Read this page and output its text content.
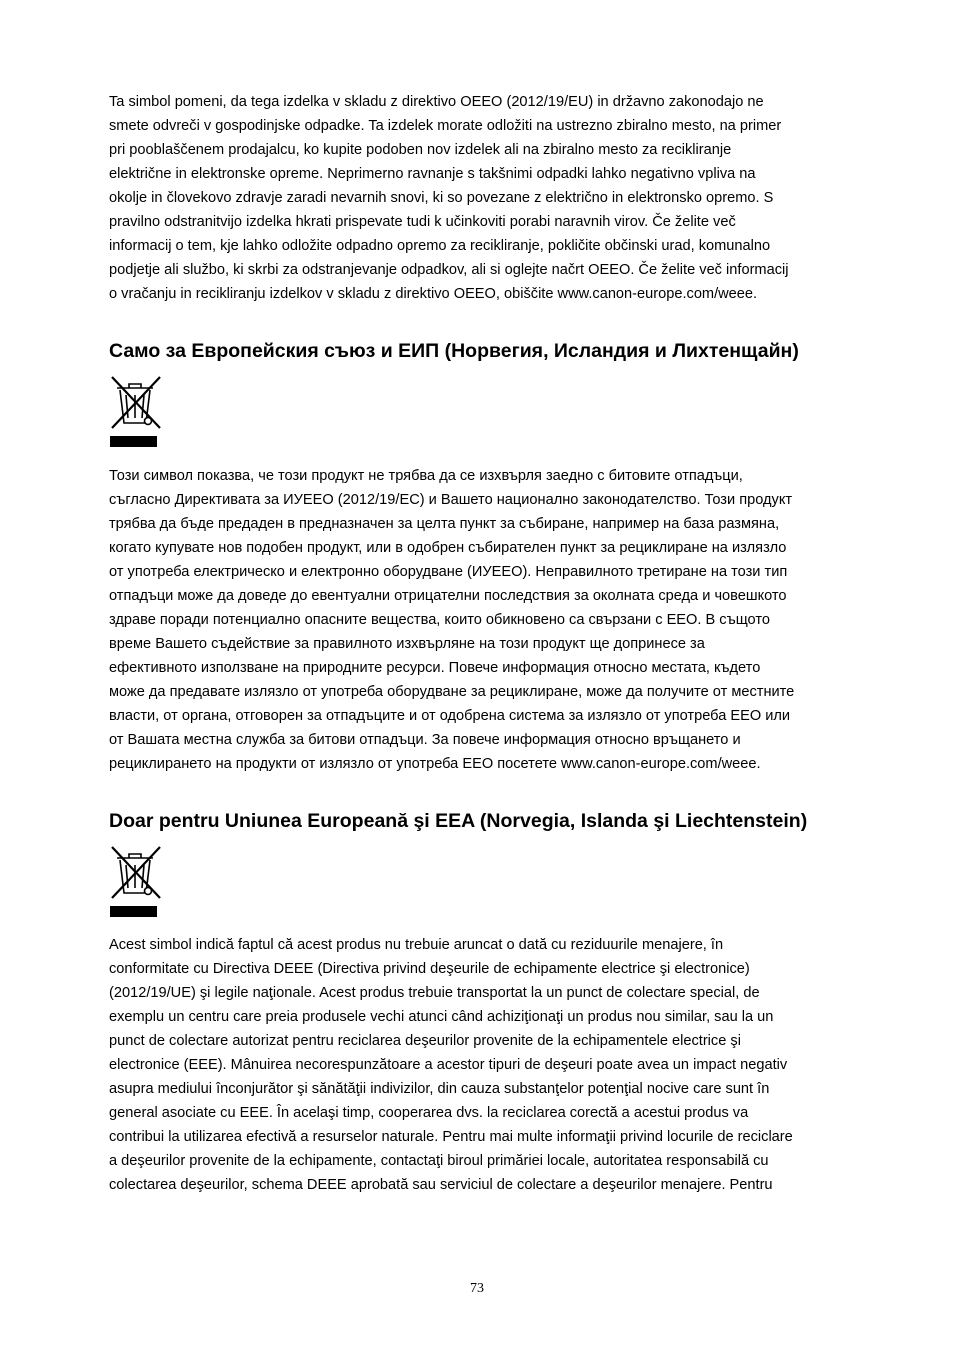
Ta simbol pomeni, da tega izdelka v skladu z direktivo OEEO (2012/19/EU) in državno zakonodajo ne
smete odvreči v gospodinjske odpadke. Ta izdelek morate odložiti na ustrezno zbiralno mesto, na primer
pri pooblaščenem prodajalcu, ko kupite podoben nov izdelek ali na zbiralno mesto za recikliranje
električne in elektronske opreme. Neprimerno ravnanje s takšnimi odpadki lahko negativno vpliva na
okolje in človekovo zdravje zaradi nevarnih snovi, ki so povezane z električno in elektronsko opremo. S
pravilno odstranitvijo izdelka hkrati prispevate tudi k učinkoviti porabi naravnih virov. Če želite več
informacij o tem, kje lahko odložite odpadno opremo za recikliranje, pokličite občinski urad, komunalno
podjetje ali službo, ki skrbi za odstranjevanje odpadkov, ali si oglejte načrt OEEO. Če želite več informacij
o vračanju in recikliranju izdelkov v skladu z direktivo OEEO, obiščite www.canon-europe.com/weee.

Само за Европейския съюз и ЕИП (Норвегия, Исландия и Лихтенщайн)

Този символ показва, че този продукт не трябва да се изхвърля заедно с битовите отпадъци,
съгласно Директивата за ИУЕЕО (2012/19/ЕС) и Вашето национално законодателство. Този продукт
трябва да бъде предаден в предназначен за целта пункт за събиране, например на база размяна,
когато купувате нов подобен продукт, или в одобрен събирателен пункт за рециклиране на излязло
от употреба електрическо и електронно оборудване (ИУЕЕО). Неправилното третиране на този тип
отпадъци може да доведе до евентуални отрицателни последствия за околната среда и човешкото
здраве поради потенциално опасните вещества, които обикновено са свързани с ЕЕО. В същото
време Вашето съдействие за правилното изхвърляне на този продукт ще допринесе за
ефективното използване на природните ресурси. Повече информация относно местата, където
може да предавате излязло от употреба оборудване за рециклиране, може да получите от местните
власти, от органа, отговорен за отпадъците и от одобрена система за излязло от употреба ЕЕО или
от Вашата местна служба за битови отпадъци. За повече информация относно връщането и
рециклирането на продукти от излязло от употреба ЕЕО посетете www.canon-europe.com/weee.

Doar pentru Uniunea Europeană şi EEA (Norvegia, Islanda şi Liechtenstein)

Acest simbol indică faptul că acest produs nu trebuie aruncat o dată cu reziduurile menajere, în
conformitate cu Directiva DEEE (Directiva privind deşeurile de echipamente electrice şi electronice)
(2012/19/UE) şi legile naţionale. Acest produs trebuie transportat la un punct de colectare special, de
exemplu un centru care preia produsele vechi atunci când achiziţionaţi un produs nou similar, sau la un
punct de colectare autorizat pentru reciclarea deşeurilor provenite de la echipamentele electrice şi
electronice (EEE). Mânuirea necorespunzătoare a acestor tipuri de deşeuri poate avea un impact negativ
asupra mediului înconjurător şi sănătăţii indivizilor, din cauza substanţelor potenţial nocive care sunt în
general asociate cu EEE. În acelaşi timp, cooperarea dvs. la reciclarea corectă a acestui produs va
contribui la utilizarea efectivă a resurselor naturale. Pentru mai multe informaţii privind locurile de reciclare
a deşeurilor provenite de la echipamente, contactaţi biroul primăriei locale, autoritatea responsabilă cu
colectarea deşeurilor, schema DEEE aprobată sau serviciul de colectare a deşeurilor menajere. Pentru

73
